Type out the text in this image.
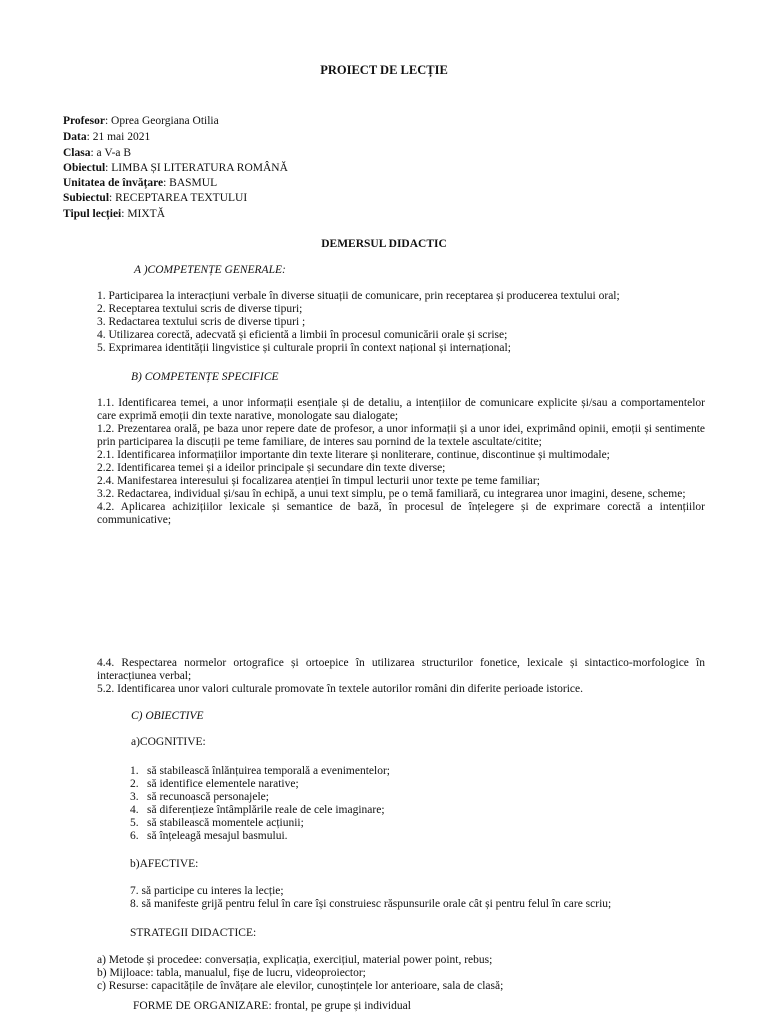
PROIECT DE LECȚIE
Profesor: Oprea Georgiana Otilia
Data: 21 mai 2021
Clasa: a V-a B
Obiectul: LIMBA ȘI LITERATURA ROMÂNĂ
Unitatea de învățare: BASMUL
Subiectul: RECEPTAREA TEXTULUI
Tipul lecției: MIXTĂ
DEMERSUL DIDACTIC
A )COMPETENȚE GENERALE:
1. Participarea la interacțiuni verbale în diverse situații de comunicare, prin receptarea și producerea textului oral;
2. Receptarea textului scris de diverse tipuri;
3. Redactarea textului scris de diverse tipuri ;
4. Utilizarea corectă, adecvată și eficientă a limbii în procesul comunicării orale și scrise;
5. Exprimarea identității lingvistice și culturale proprii în context național și internațional;
B) COMPETENȚE SPECIFICE
1.1. Identificarea temei, a unor informații esențiale și de detaliu, a intențiilor de comunicare explicite și/sau a comportamentelor care exprimă emoții din texte narative, monologate sau dialogate;
1.2. Prezentarea orală, pe baza unor repere date de profesor, a unor informații și a unor idei, exprimând opinii, emoții și sentimente prin participarea la discuții pe teme familiare, de interes sau pornind de la textele ascultate/citite;
2.1. Identificarea informațiilor importante din texte literare și nonliterare, continue, discontinue și multimodale;
2.2. Identificarea temei și a ideilor principale și secundare din texte diverse;
2.4. Manifestarea interesului și focalizarea atenției în timpul lecturii unor texte pe teme familiar;
3.2. Redactarea, individual și/sau în echipă, a unui text simplu, pe o temă familiară, cu integrarea unor imagini, desene, scheme;
4.2. Aplicarea achizițiilor lexicale și semantice de bază, în procesul de înțelegere și de exprimare corectă a intențiilor communicative;
4.4. Respectarea normelor ortografice și ortoepice în utilizarea structurilor fonetice, lexicale și sintactico-morfologice în interacțiunea verbal;
5.2. Identificarea unor valori culturale promovate în textele autorilor români din diferite perioade istorice.
C) OBIECTIVE
a)COGNITIVE:
1. să stabilească înlănțuirea temporală a evenimentelor;
2. să identifice elementele narative;
3. să recunoască personajele;
4. să diferențieze întâmplările reale de cele imaginare;
5. să stabilească momentele acțiunii;
6. să înțeleagă mesajul basmului.
b)AFECTIVE:
7. să participe cu interes la lecție;
8. să manifeste grijă pentru felul în care își construiesc răspunsurile orale cât și pentru felul în care scriu;
STRATEGII DIDACTICE:
a) Metode și procedee: conversația, explicația, exercițiul, material power point, rebus;
b) Mijloace: tabla, manualul, fișe de lucru, videoproiector;
c) Resurse: capacitățile de învățare ale elevilor, cunoștințele lor anterioare, sala de clasă;
FORME DE ORGANIZARE: frontal, pe grupe și individual
